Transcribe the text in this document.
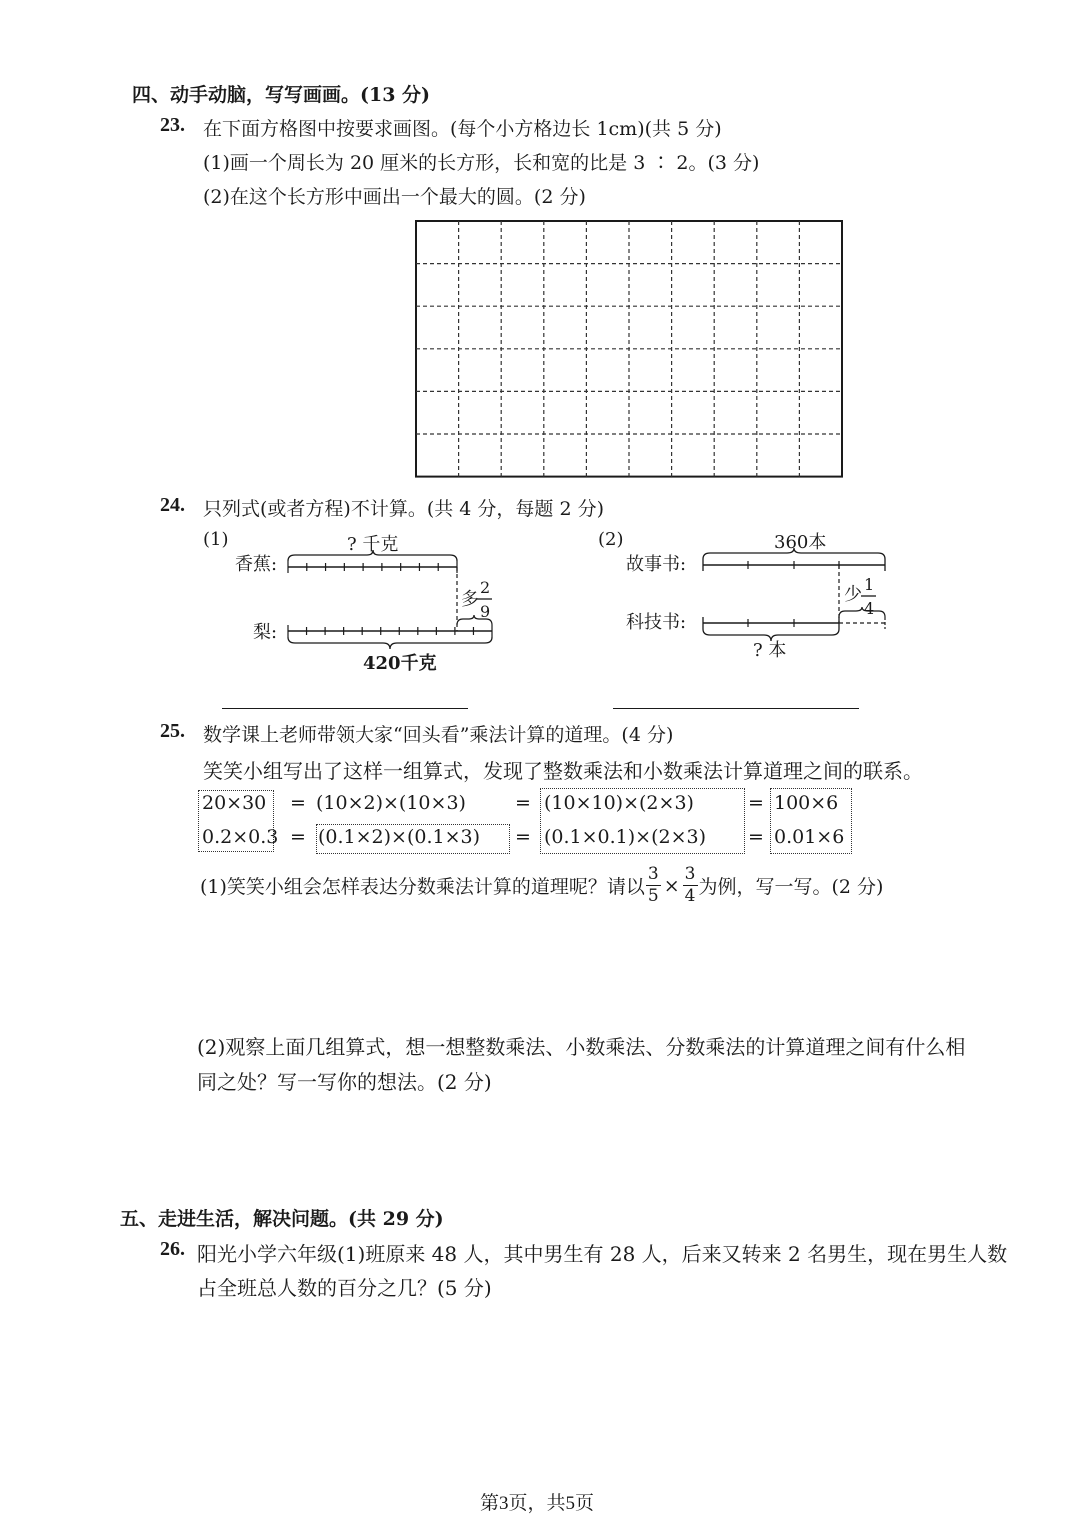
四、动手动脑，写写画画。(13 分)
23. 在下面方格图中按要求画图。(每个小方格边长 1cm)(共 5 分)
(1)画一个周长为 20 厘米的长方形，长和宽的比是 3 ∶ 2。(3 分)
(2)在这个长方形中画出一个最大的圆。(2 分)
24. 只列式(或者方程)不计算。(共 4 分，每题 2 分)
(1)
香蕉:
梨:
? 千克
420千克
多
2
9
(2)
故事书:
科技书:
360本
? 本
少 1
4
25. 数学课上老师带领大家“回头看”乘法计算的道理。(4 分)
笑笑小组写出了这样一组算式，发现了整数乘法和小数乘法计算道理之间的联系。
20×30 = (10×2)×(10×3)	= (10×10)×(2×3)	= 100×6
0.2×0.3 = (0.1×2)×(0.1×3) = (0.1×0.1)×(2×3) = 0.01×6
(1)笑笑小组会怎样表达分数乘法计算的道理呢？请以 $\frac{3}{5} \times \frac{3}{4}$ 为例，写一写。(2 分)
(2)观察上面几组算式，想一想整数乘法、小数乘法、分数乘法的计算道理之间有什么相
同之处？写一写你的想法。(2 分)
五、走进生活，解决问题。(共 29 分)
26. 阳光小学六年级(1)班原来 48 人，其中男生有 28 人，后来又转来 2 名男生，现在男生人数
占全班总人数的百分之几？(5 分)
第3页，共5页
